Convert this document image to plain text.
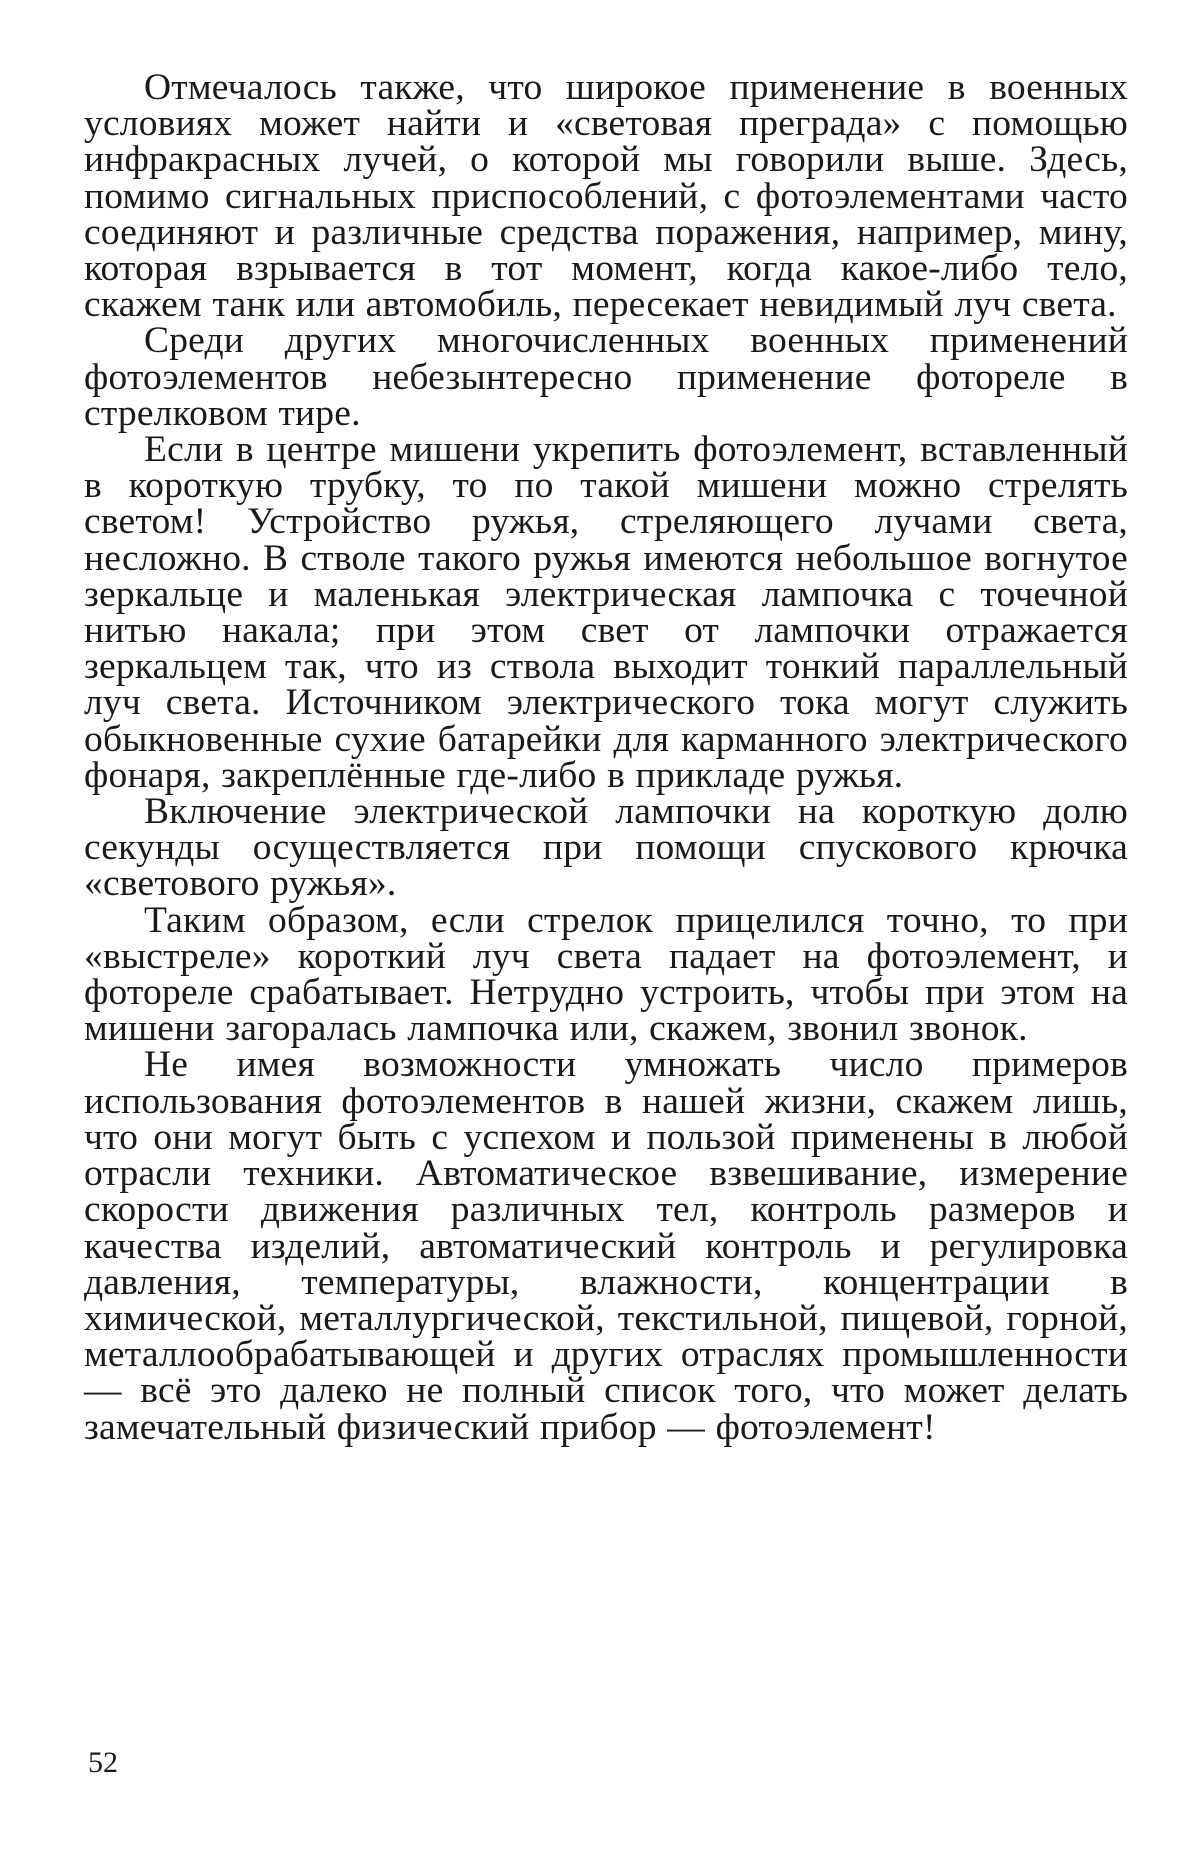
Отмечалось также, что широкое применение в военных условиях может найти и «световая преграда» с помощью инфракрасных лучей, о которой мы говорили выше. Здесь, помимо сигнальных приспособлений, с фотоэлементами часто соединяют и различные средства поражения, например, мину, которая взрывается в тот момент, когда какое-либо тело, скажем танк или автомобиль, пересекает невидимый луч света.

Среди других многочисленных военных применений фотоэлементов небезынтересно применение фотореле в стрелковом тире.

Если в центре мишени укрепить фотоэлемент, вставленный в короткую трубку, то по такой мишени можно стрелять светом! Устройство ружья, стреляющего лучами света, несложно. В стволе такого ружья имеются небольшое вогнутое зеркальце и маленькая электрическая лампочка с точечной нитью накала; при этом свет от лампочки отражается зеркальцем так, что из ствола выходит тонкий параллельный луч света. Источником электрического тока могут служить обыкновенные сухие батарейки для карманного электрического фонаря, закреплённые где-либо в прикладе ружья.

Включение электрической лампочки на короткую долю секунды осуществляется при помощи спускового крючка «светового ружья».

Таким образом, если стрелок прицелился точно, то при «выстреле» короткий луч света падает на фотоэлемент, и фотореле срабатывает. Нетрудно устроить, чтобы при этом на мишени загоралась лампочка или, скажем, звонил звонок.

Не имея возможности умножать число примеров использования фотоэлементов в нашей жизни, скажем лишь, что они могут быть с успехом и пользой применены в любой отрасли техники. Автоматическое взвешивание, измерение скорости движения различных тел, контроль размеров и качества изделий, автоматический контроль и регулировка давления, температуры, влажности, концентрации в химической, металлургической, текстильной, пищевой, горной, металлообрабатывающей и других отраслях промышленности — всё это далеко не полный список того, что может делать замечательный физический прибор — фотоэлемент!

52
